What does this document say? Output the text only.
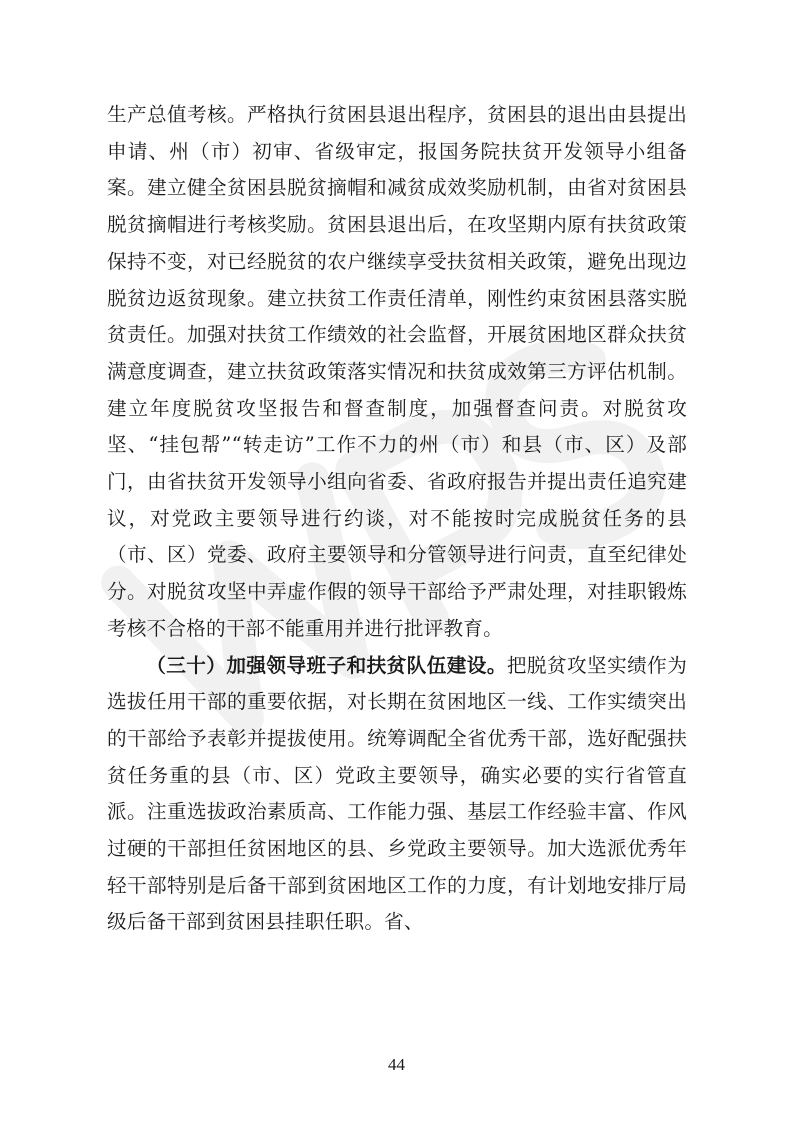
生产总值考核。严格执行贫困县退出程序，贫困县的退出由县提出申请、州（市）初审、省级审定，报国务院扶贫开发领导小组备案。建立健全贫困县脱贫摘帽和减贫成效奖励机制，由省对贫困县脱贫摘帽进行考核奖励。贫困县退出后，在攻坚期内原有扶贫政策保持不变，对已经脱贫的农户继续享受扶贫相关政策，避免出现边脱贫边返贫现象。建立扶贫工作责任清单，刚性约束贫困县落实脱贫责任。加强对扶贫工作绩效的社会监督，开展贫困地区群众扶贫满意度调查，建立扶贫政策落实情况和扶贫成效第三方评估机制。建立年度脱贫攻坚报告和督查制度，加强督查问责。对脱贫攻坚、“挂包帮”“转走访”工作不力的州（市）和县（市、区）及部门，由省扶贫开发领导小组向省委、省政府报告并提出责任追究建议，对党政主要领导进行约谈，对不能按时完成脱贫任务的县（市、区）党委、政府主要领导和分管领导进行问责，直至纪律处分。对脱贫攻坚中弄虚作假的领导干部给予严肃处理，对挂职锻炼考核不合格的干部不能重用并进行批评教育。

（三十）加强领导班子和扶贫队伍建设。把脱贫攻坚实绩作为选拔任用干部的重要依据，对长期在贫困地区一线、工作实绩突出的干部给予表彰并提拔使用。统筹调配全省优秀干部，选好配强扶贫任务重的县（市、区）党政主要领导，确实必要的实行省管直派。注重选拔政治素质高、工作能力强、基层工作经验丰富、作风过硬的干部担任贫困地区的县、乡党政主要领导。加大选派优秀年轻干部特别是后备干部到贫困地区工作的力度，有计划地安排厅局级后备干部到贫困县挂职任职。省、

44
